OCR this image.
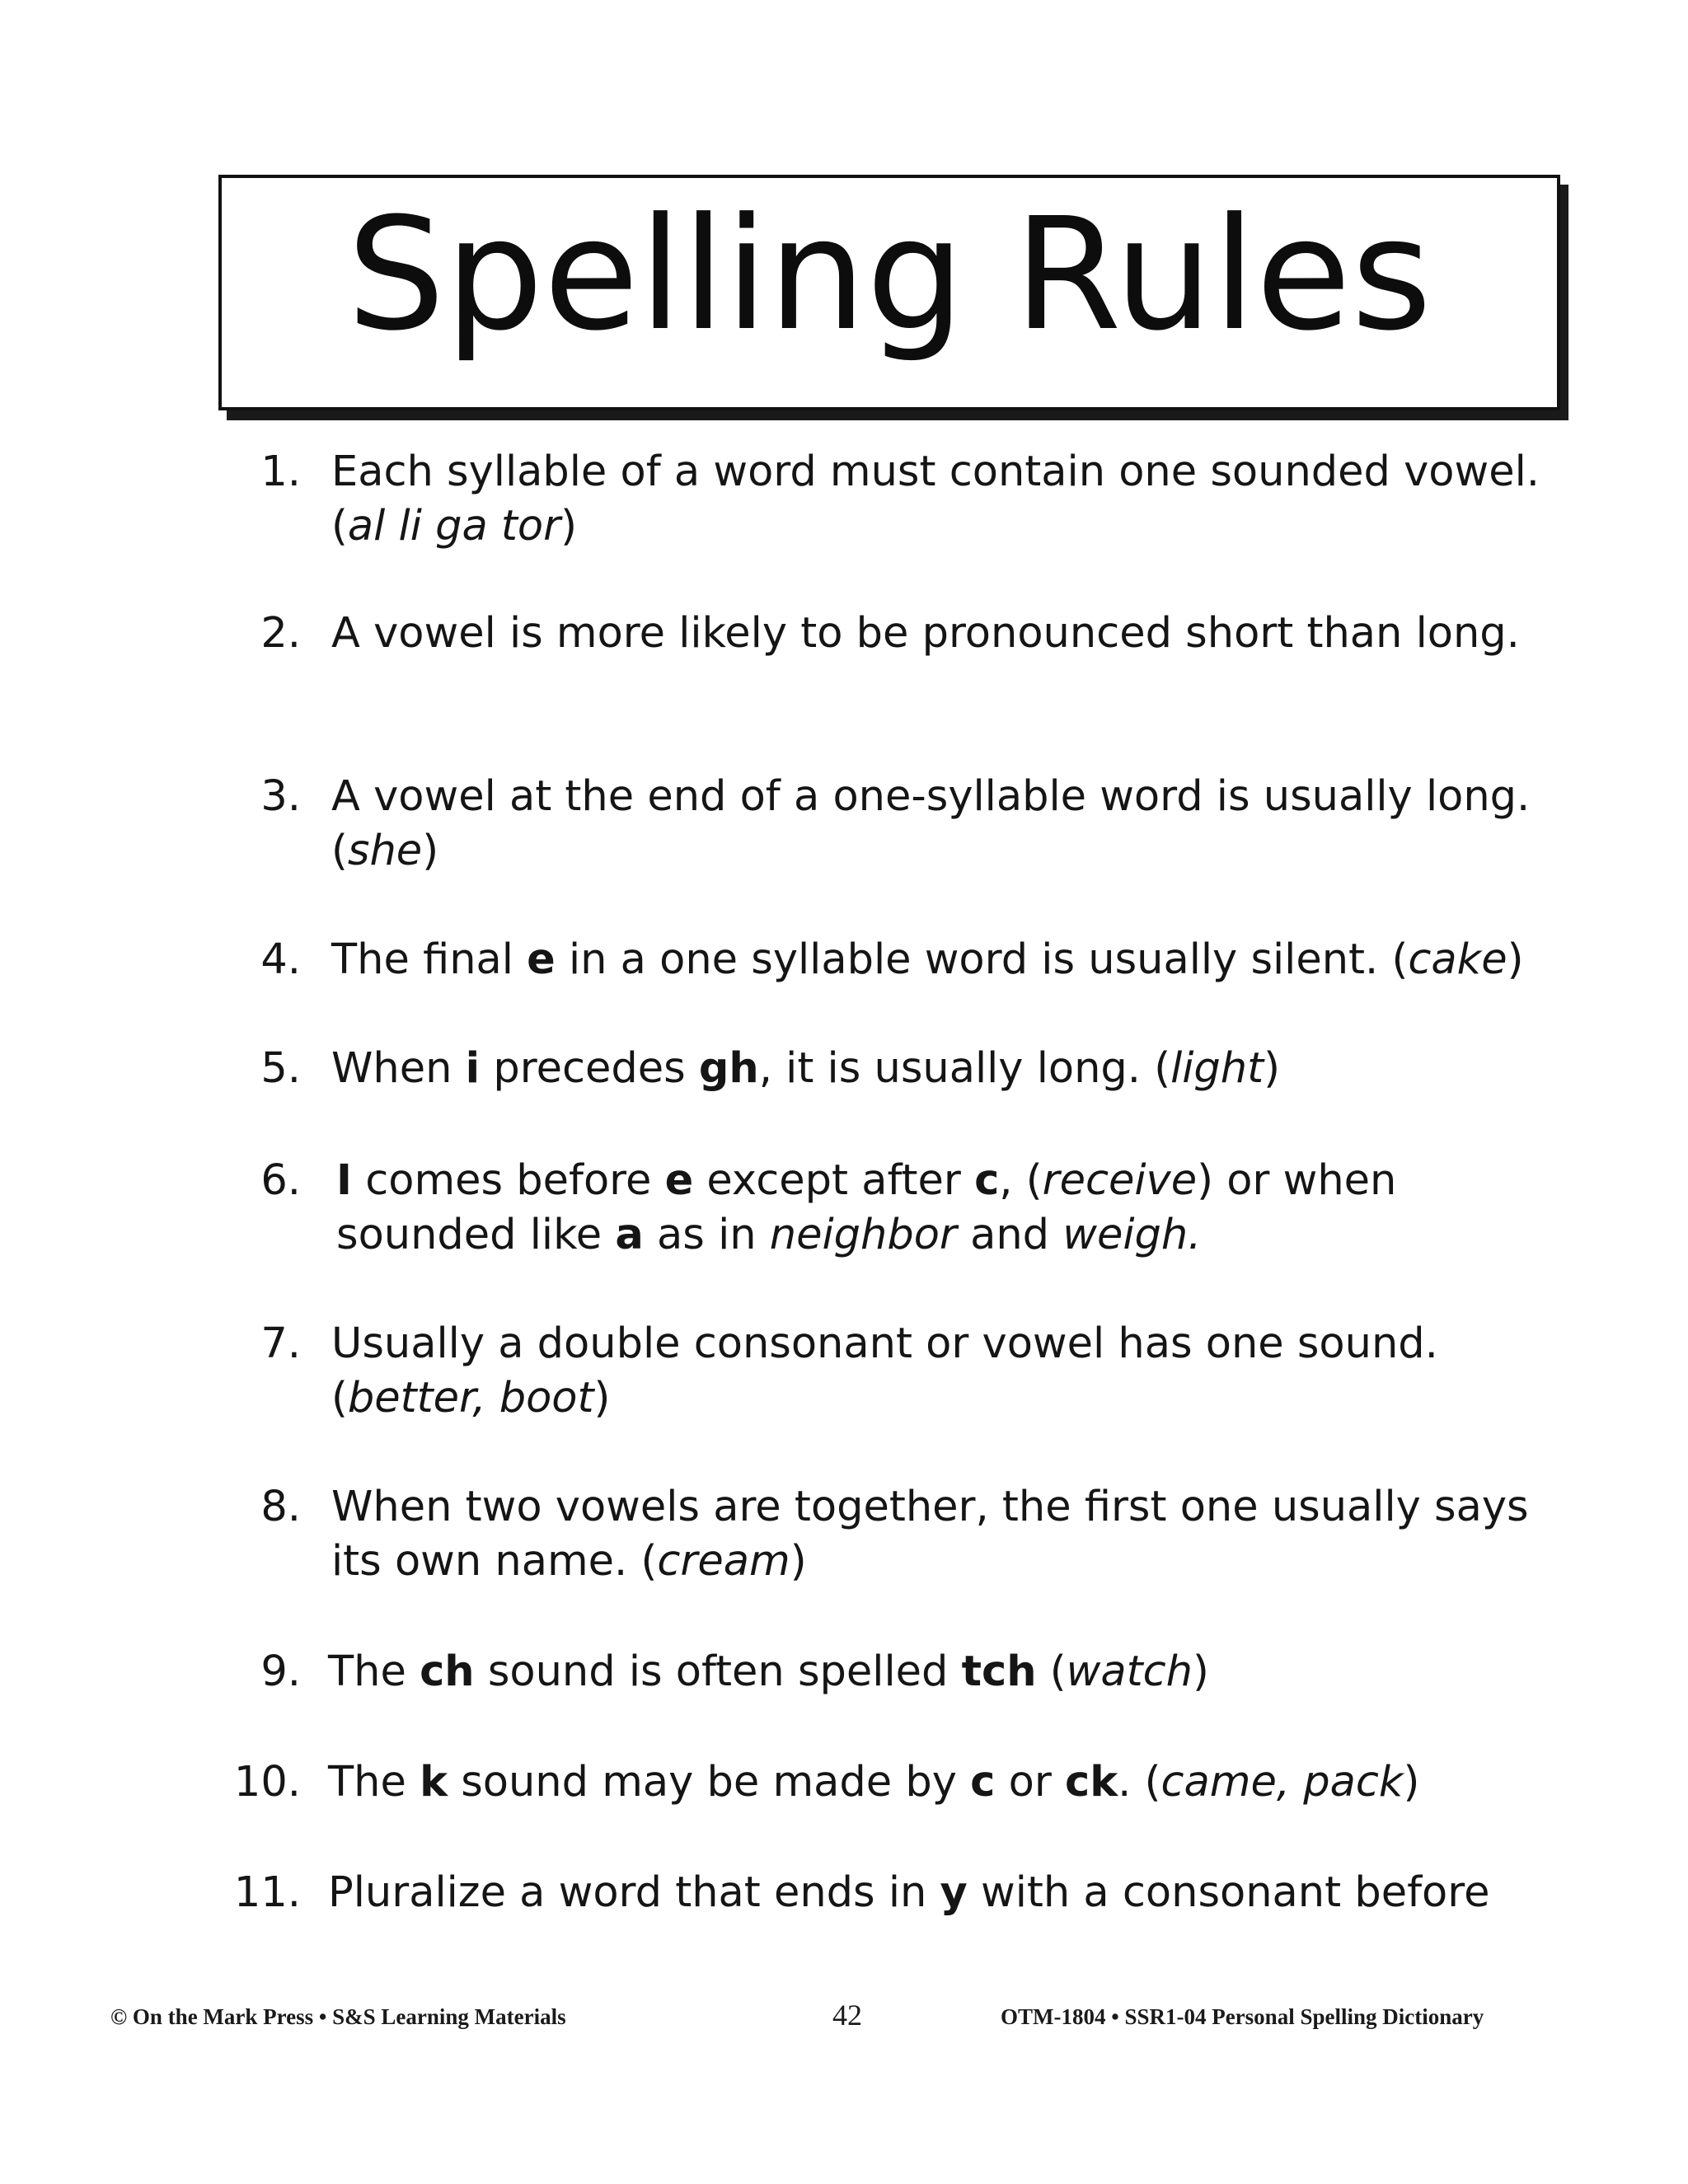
Spelling Rules
1. Each syllable of a word must contain one sounded vowel. (al li ga tor)
2. A vowel is more likely to be pronounced short than long.
3. A vowel at the end of a one-syllable word is usually long. (she)
4. The final e in a one syllable word is usually silent. (cake)
5. When i precedes gh, it is usually long. (light)
6. I comes before e except after c, (receive) or when sounded like a as in neighbor and weigh.
7. Usually a double consonant or vowel has one sound. (better, boot)
8. When two vowels are together, the first one usually says its own name. (cream)
9. The ch sound is often spelled tch (watch)
10. The k sound may be made by c or ck. (came, pack)
11. Pluralize a word that ends in y with a consonant before
© On the Mark Press • S&S Learning Materials	42	OTM-1804 • SSR1-04 Personal Spelling Dictionary
